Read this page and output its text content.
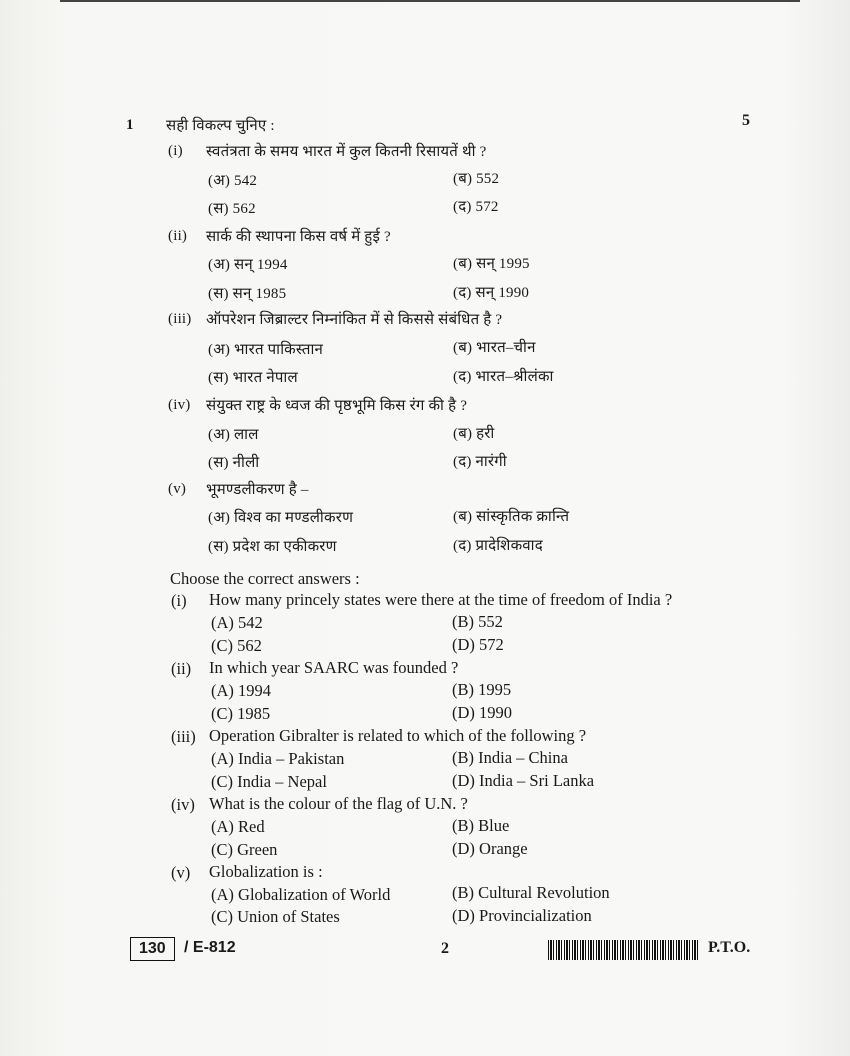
1 सही विकल्प चुनिए :	5
(i) स्वतंत्रता के समय भारत में कुल कितनी रिसायतें थी ?
(अ) 542	(ब) 552
(स) 562	(द) 572
(ii) सार्क की स्थापना किस वर्ष में हुई ?
(अ) सन् 1994	(ब) सन् 1995
(स) सन् 1985	(द) सन् 1990
(iii) ऑपरेशन जिब्राल्टर निम्नांकित में से किससे संबंधित है ?
(अ) भारत पाकिस्तान	(ब) भारत–चीन
(स) भारत नेपाल	(द) भारत–श्रीलंका
(iv) संयुक्त राष्ट्र के ध्वज की पृष्ठभूमि किस रंग की है ?
(अ) लाल	(ब) हरी
(स) नीली	(द) नारंगी
(v) भूमण्डलीकरण है –
(अ) विश्व का मण्डलीकरण	(ब) सांस्कृतिक क्रान्ति
(स) प्रदेश का एकीकरण	(द) प्रादेशिकवाद
Choose the correct answers :
(i) How many princely states were there at the time of freedom of India ?
(A) 542	(B) 552
(C) 562	(D) 572
(ii) In which year SAARC was founded ?
(A) 1994	(B) 1995
(C) 1985	(D) 1990
(iii) Operation Gibralter is related to which of the following ?
(A) India – Pakistan	(B) India – China
(C) India – Nepal	(D) India – Sri Lanka
(iv) What is the colour of the flag of U.N. ?
(A) Red	(B) Blue
(C) Green	(D) Orange
(v) Globalization is :
(A) Globalization of World	(B) Cultural Revolution
(C) Union of States	(D) Provincialization
130	/ E-812	2	P.T.O.
